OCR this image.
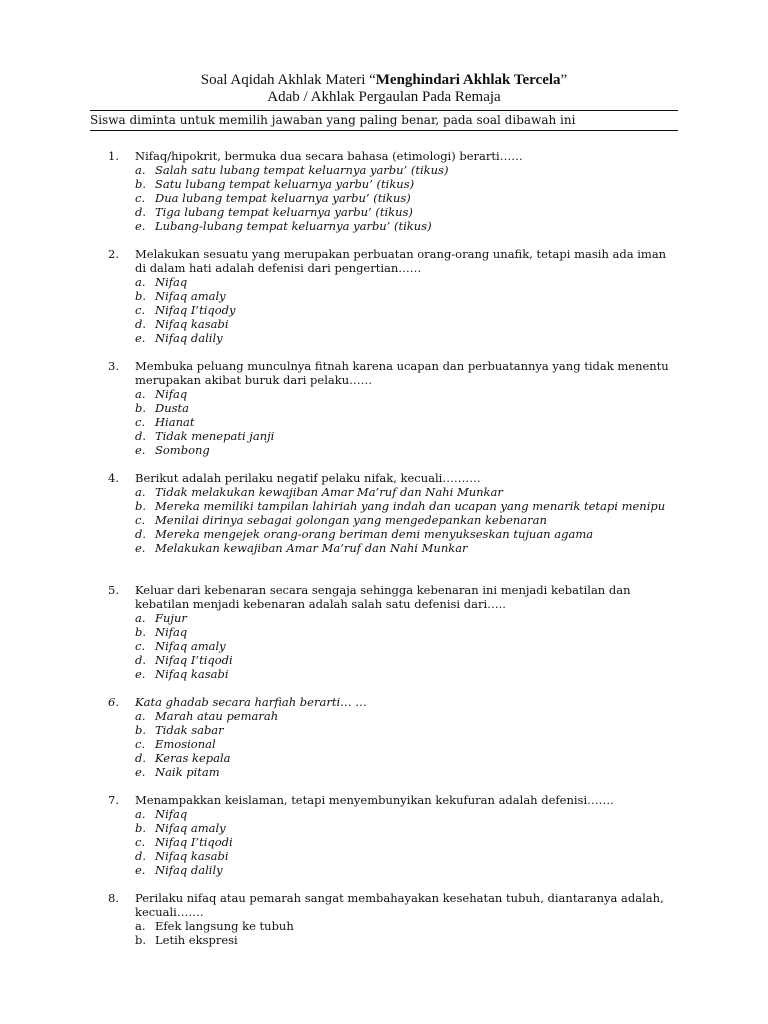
Soal Aqidah Akhlak Materi “Menghindari Akhlak Tercela”
Adab / Akhlak Pergaulan Pada Remaja
Siswa diminta untuk memilih jawaban yang paling benar, pada soal dibawah ini
1.	Nifaq/hipokrit, bermuka dua secara bahasa (etimologi) berarti……
a. Salah satu lubang tempat keluarnya yarbu’ (tikus)
b. Satu lubang tempat keluarnya yarbu’ (tikus)
c. Dua lubang tempat keluarnya yarbu’ (tikus)
d. Tiga lubang tempat keluarnya yarbu’ (tikus)
e. Lubang-lubang tempat keluarnya yarbu’ (tikus)
2.	Melakukan sesuatu yang merupakan perbuatan orang-orang unafik, tetapi masih ada iman di dalam hati adalah defenisi dari pengertian……
a. Nifaq
b. Nifaq amaly
c. Nifaq I’tiqody
d. Nifaq kasabi
e. Nifaq dalily
3.	Membuka peluang munculnya fitnah karena ucapan dan perbuatannya yang tidak menentu merupakan akibat buruk dari pelaku……
a. Nifaq
b. Dusta
c. Hianat
d. Tidak menepati janji
e. Sombong
4.	Berikut adalah perilaku negatif pelaku nifak, kecuali……….
a. Tidak melakukan kewajiban Amar Ma’ruf dan Nahi Munkar
b. Mereka memiliki tampilan lahiriah yang indah dan ucapan yang menarik tetapi menipu
c. Menilai dirinya sebagai golongan yang mengedepankan kebenaran
d. Mereka mengejek orang-orang beriman demi menyukseskan tujuan agama
e. Melakukan kewajiban Amar Ma’ruf dan Nahi Munkar
5.	Keluar dari kebenaran secara sengaja sehingga kebenaran ini menjadi kebatilan dan kebatilan menjadi kebenaran adalah salah satu defenisi dari…..
a. Fujur
b. Nifaq
c. Nifaq amaly
d. Nifaq I’tiqodi
e. Nifaq kasabi
6.	Kata ghadab secara harfiah berarti… …
a. Marah atau pemarah
b. Tidak sabar
c. Emosional
d. Keras kepala
e. Naik pitam
7.	Menampakkan keislaman, tetapi menyembunyikan kekufuran adalah defenisi…….
a. Nifaq
b. Nifaq amaly
c. Nifaq I’tiqodi
d. Nifaq kasabi
e. Nifaq dalily
8.	Perilaku nifaq atau pemarah sangat membahayakan kesehatan tubuh, diantaranya adalah, kecuali…….
a. Efek langsung ke tubuh
b. Letih ekspresi
